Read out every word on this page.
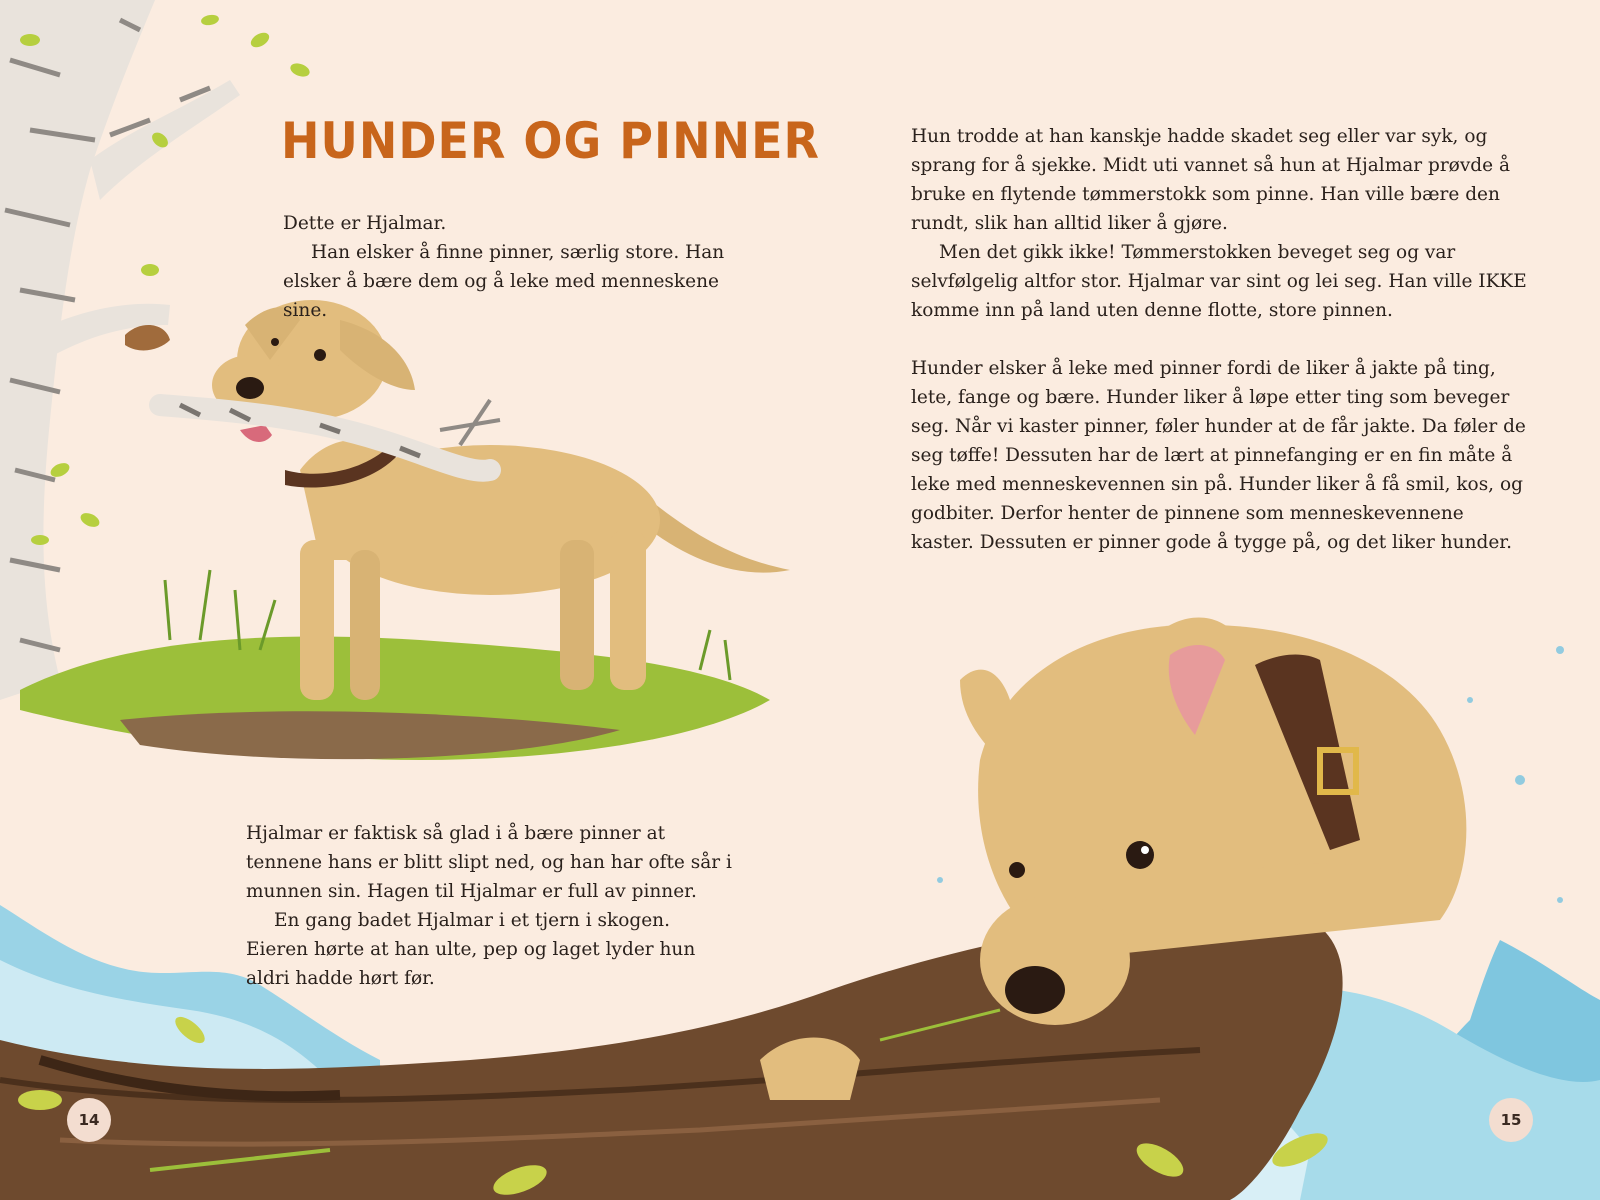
HUNDER OG PINNER

Dette er Hjalmar.

Han elsker å finne pinner, særlig store. Han elsker å bære dem og å leke med menneskene sine.

Hjalmar er faktisk så glad i å bære pinner at tennene hans er blitt slipt ned, og han har ofte sår i munnen sin. Hagen til Hjalmar er full av pinner.

En gang badet Hjalmar i et tjern i skogen. Eieren hørte at han ulte, pep og laget lyder hun aldri hadde hørt før.

Hun trodde at han kanskje hadde skadet seg eller var syk, og sprang for å sjekke. Midt uti vannet så hun at Hjalmar prøvde å bruke en flytende tømmerstokk som pinne. Han ville bære den rundt, slik han alltid liker å gjøre.

Men det gikk ikke! Tømmerstokken beveget seg og var selvfølgelig altfor stor. Hjalmar var sint og lei seg. Han ville IKKE komme inn på land uten denne flotte, store pinnen.

Hunder elsker å leke med pinner fordi de liker å jakte på ting, lete, fange og bære. Hunder liker å løpe etter ting som beveger seg. Når vi kaster pinner, føler hunder at de får jakte. Da føler de seg tøffe! Dessuten har de lært at pinnefanging er en fin måte å leke med menneskevennen sin på. Hunder liker å få smil, kos, og godbiter. Derfor henter de pinnene som menneskevennene kaster. Dessuten er pinner gode å tygge på, og det liker hunder.

14	15
